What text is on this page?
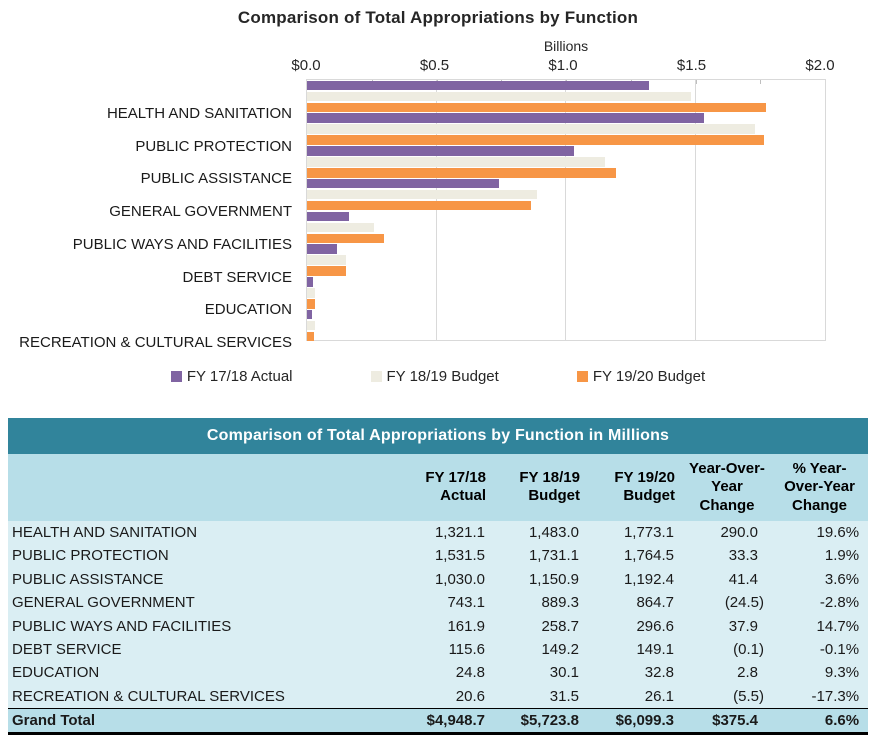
Comparison of Total Appropriations by Function
HEALTH AND SANITATION
PUBLIC PROTECTION
PUBLIC ASSISTANCE
GENERAL GOVERNMENT
PUBLIC WAYS AND FACILITIES
DEBT SERVICE
EDUCATION
RECREATION & CULTURAL SERVICES
Billions
$0.0	$0.5	$1.0	$1.5	$2.0
FY 17/18 Actual	FY 18/19 Budget	FY 19/20 Budget
Comparison of Total Appropriations by Function in Millions					
	FY 17/18 Actual	FY 18/19 Budget	FY 19/20 Budget	Year-Over-Year Change	% Year-Over-Year Change
HEALTH AND SANITATION	1,321.1	1,483.0	1,773.1	290.0	19.6%
PUBLIC PROTECTION	1,531.5	1,731.1	1,764.5	33.3	1.9%
PUBLIC ASSISTANCE	1,030.0	1,150.9	1,192.4	41.4	3.6%
GENERAL GOVERNMENT	743.1	889.3	864.7	(24.5)	-2.8%
PUBLIC WAYS AND FACILITIES	161.9	258.7	296.6	37.9	14.7%
DEBT SERVICE	115.6	149.2	149.1	(0.1)	-0.1%
EDUCATION	24.8	30.1	32.8	2.8	9.3%
RECREATION & CULTURAL SERVICES	20.6	31.5	26.1	(5.5)	-17.3%
Grand Total	$4,948.7	$5,723.8	$6,099.3	$375.4	6.6%
